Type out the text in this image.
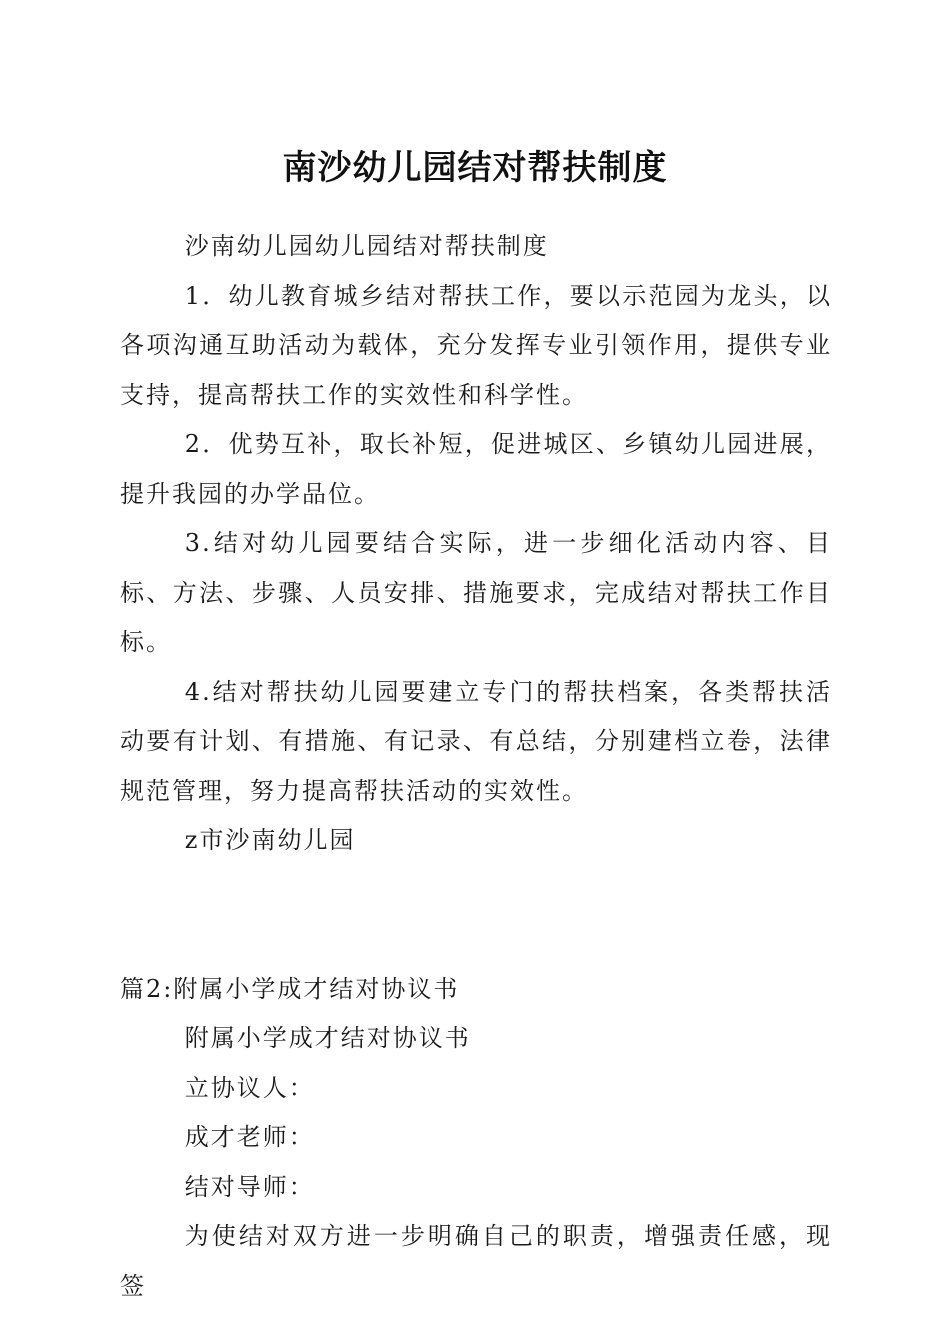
南沙幼儿园结对帮扶制度

沙南幼儿园幼儿园结对帮扶制度

1．幼儿教育城乡结对帮扶工作，要以示范园为龙头，以各项沟通互助活动为载体，充分发挥专业引领作用，提供专业支持，提高帮扶工作的实效性和科学性。

2．优势互补，取长补短，促进城区、乡镇幼儿园进展，提升我园的办学品位。

3.结对幼儿园要结合实际，进一步细化活动内容、目标、方法、步骤、人员安排、措施要求，完成结对帮扶工作目标。

4.结对帮扶幼儿园要建立专门的帮扶档案，各类帮扶活动要有计划、有措施、有记录、有总结，分别建档立卷，法律规范管理，努力提高帮扶活动的实效性。

z市沙南幼儿园

篇2:附属小学成才结对协议书

附属小学成才结对协议书

立协议人：

成才老师：

结对导师：

为使结对双方进一步明确自己的职责，增强责任感，现签
